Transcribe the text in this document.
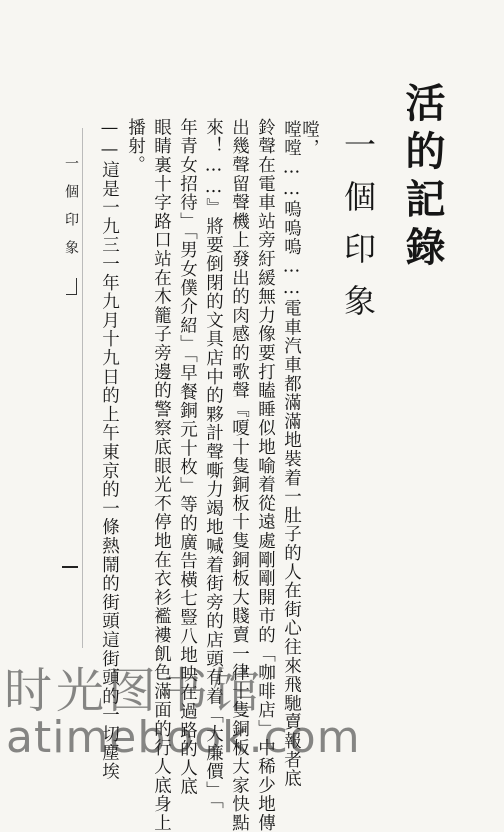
活的記錄
一個印象
嘡，
嘡嘡……嗚嗚嗚……電車汽車都滿滿地裝着一肚子的人在街心往來飛馳賣報者底
鈴聲在電車站旁紆緩無力像要打瞌睡似地喻着從遠處剛剛開市的「咖啡店」中稀少地傳
出幾聲留聲機上發出的肉感的歌聲『嗄十隻銅板十隻銅板大賤賣一律十隻銅板大家快點
來！……』將要倒閉的文具店中的夥計聲嘶力竭地喊着街旁的店頭有着「大廉價」「
年青女招待」「男女僕介紹」「早餐銅元十枚」等的廣告橫七豎八地映在過路的人底
眼睛裏十字路口站在木籠子旁邊的警察底眼光不停地在衣衫襤褸飢色滿面的行人底身上
播射。
——這是一九三一年九月十九日的上午東京的一條熱鬧的街頭這街頭的一切塵埃
一個印象
时光图书馆
atimebook.com
